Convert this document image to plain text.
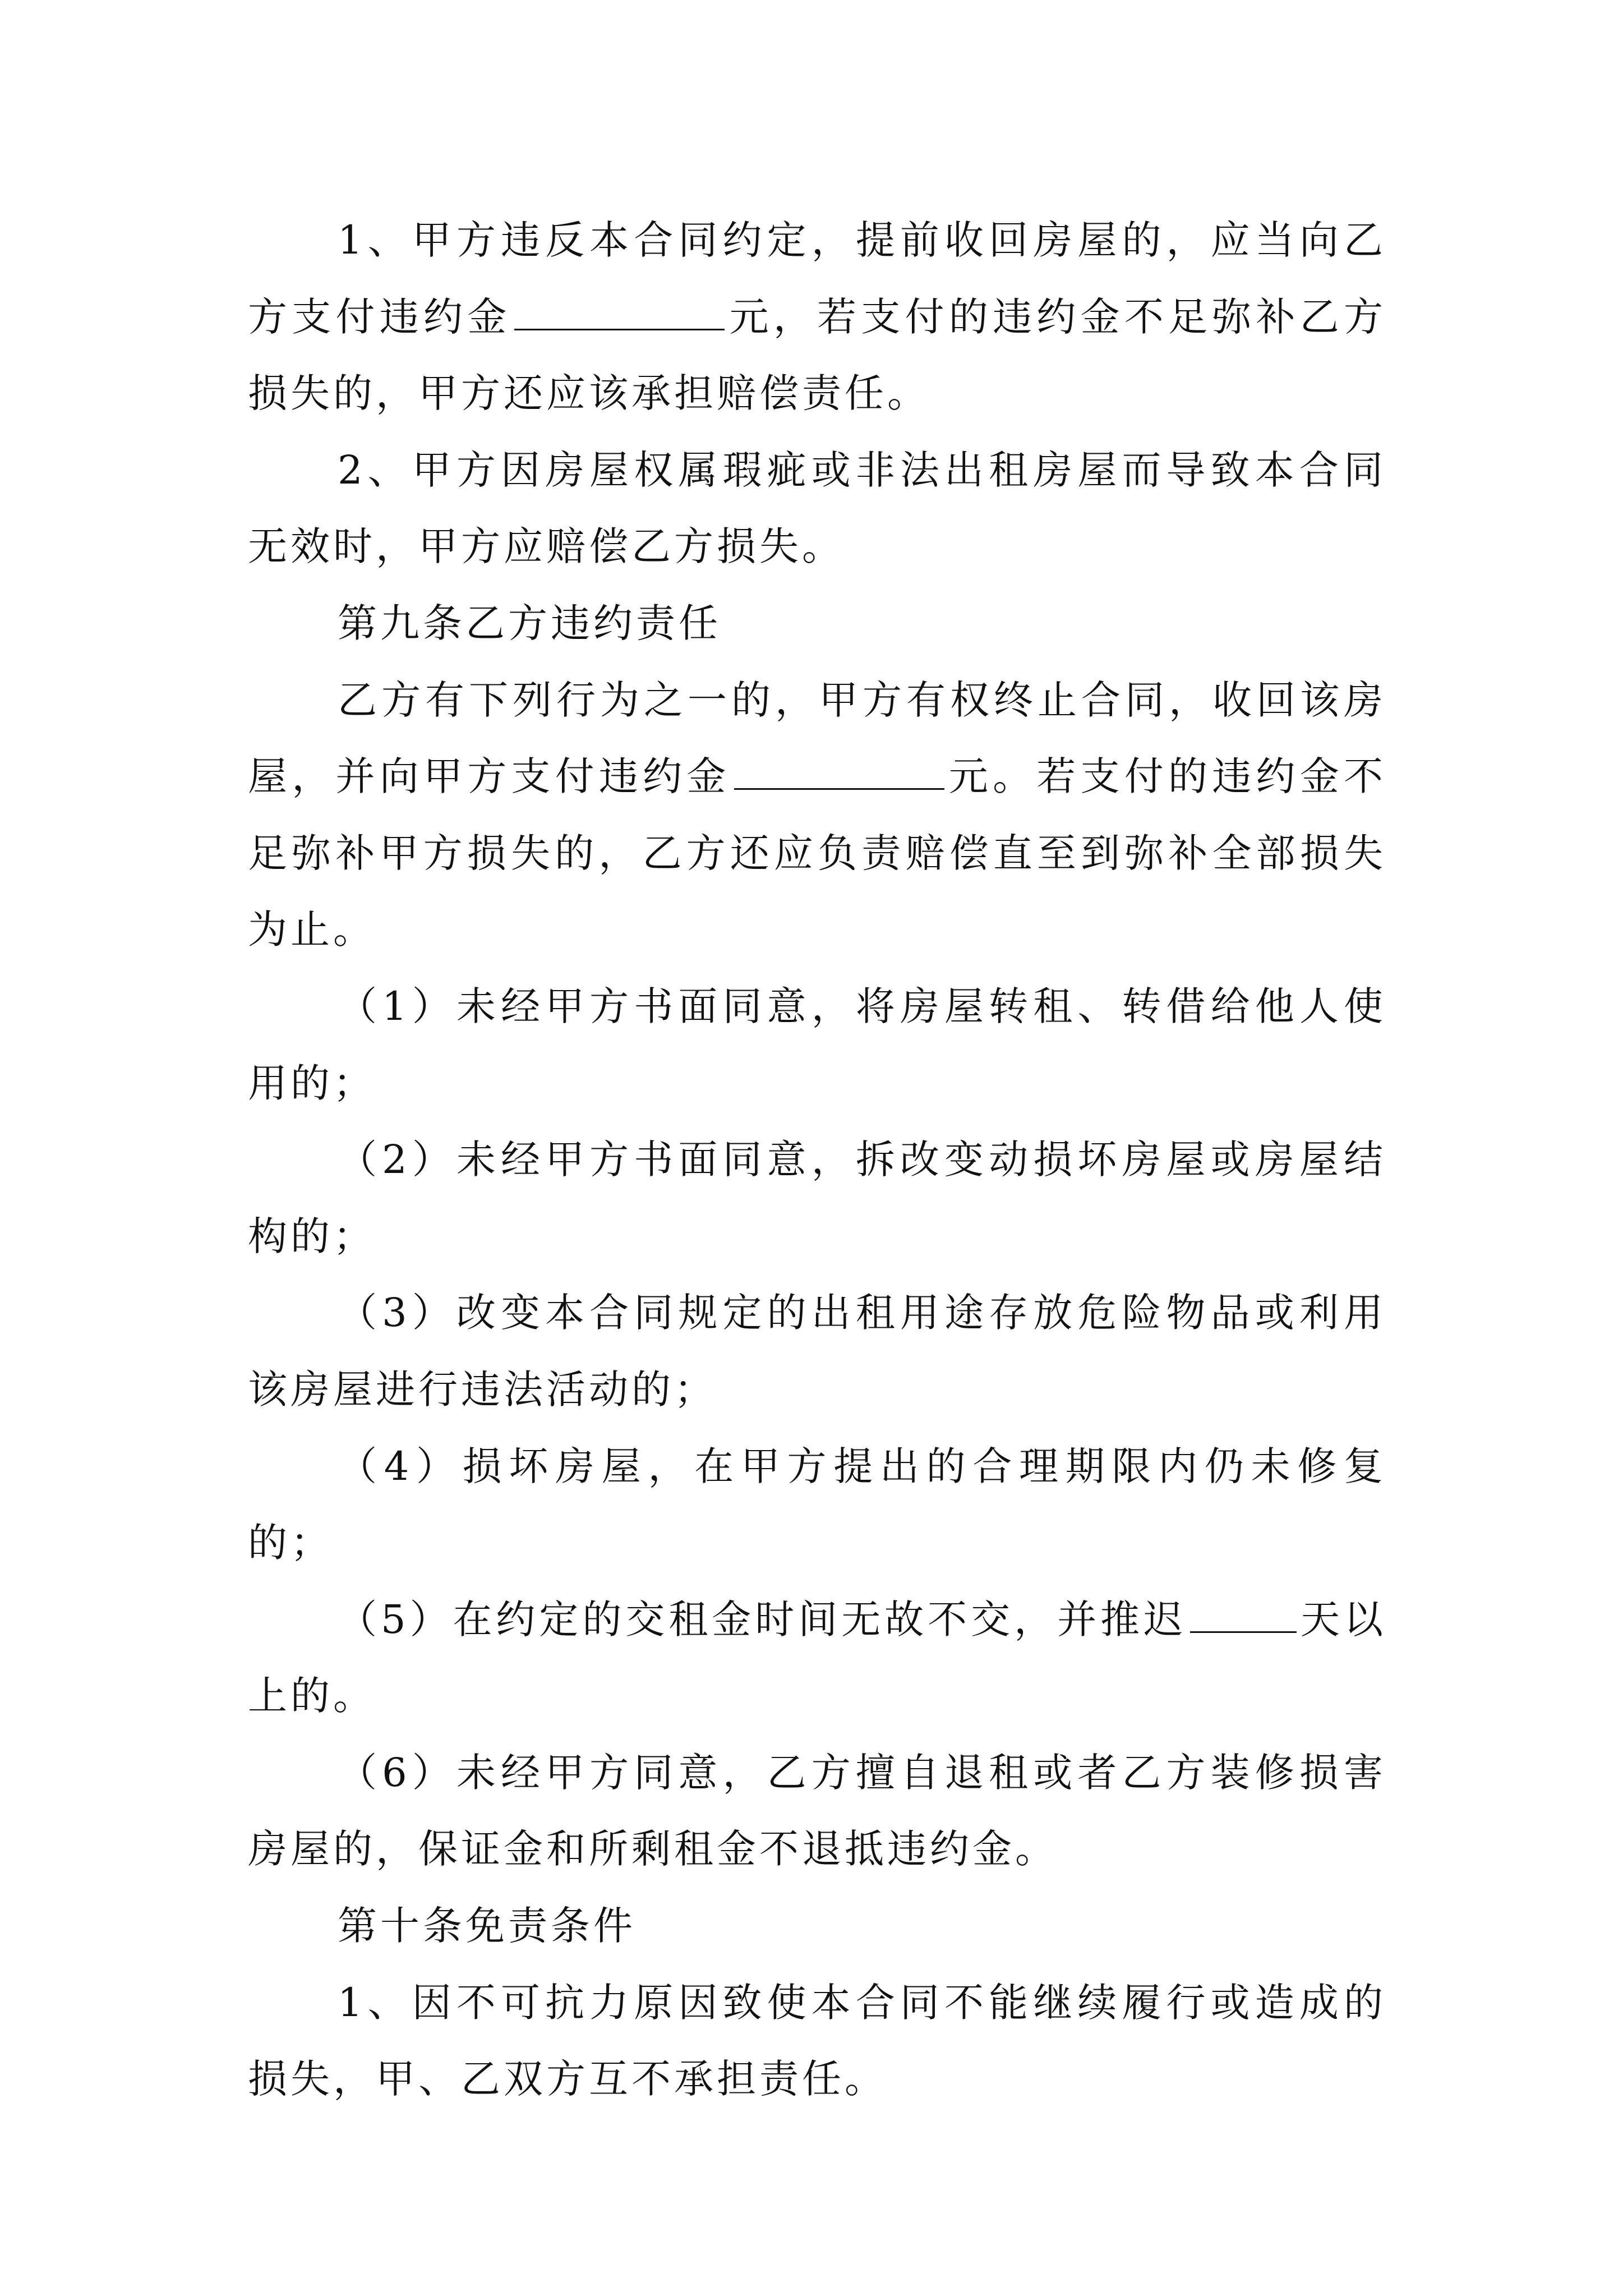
1、甲方违反本合同约定，提前收回房屋的，应当向乙方支付违约金	元，若支付的违约金不足弥补乙方损失的，甲方还应该承担赔偿责任。

2、甲方因房屋权属瑕疵或非法出租房屋而导致本合同无效时，甲方应赔偿乙方损失。

第九条乙方违约责任

乙方有下列行为之一的，甲方有权终止合同，收回该房屋，并向甲方支付违约金	元。若支付的违约金不足弥补甲方损失的，乙方还应负责赔偿直至到弥补全部损失为止。

（1）未经甲方书面同意，将房屋转租、转借给他人使用的；

（2）未经甲方书面同意，拆改变动损坏房屋或房屋结构的；

（3）改变本合同规定的出租用途存放危险物品或利用该房屋进行违法活动的；

（4）损坏房屋，在甲方提出的合理期限内仍未修复的；

（5）在约定的交租金时间无故不交，并推迟	天以上的。

（6）未经甲方同意，乙方擅自退租或者乙方装修损害房屋的，保证金和所剩租金不退抵违约金。

第十条免责条件

1、因不可抗力原因致使本合同不能继续履行或造成的损失，甲、乙双方互不承担责任。
